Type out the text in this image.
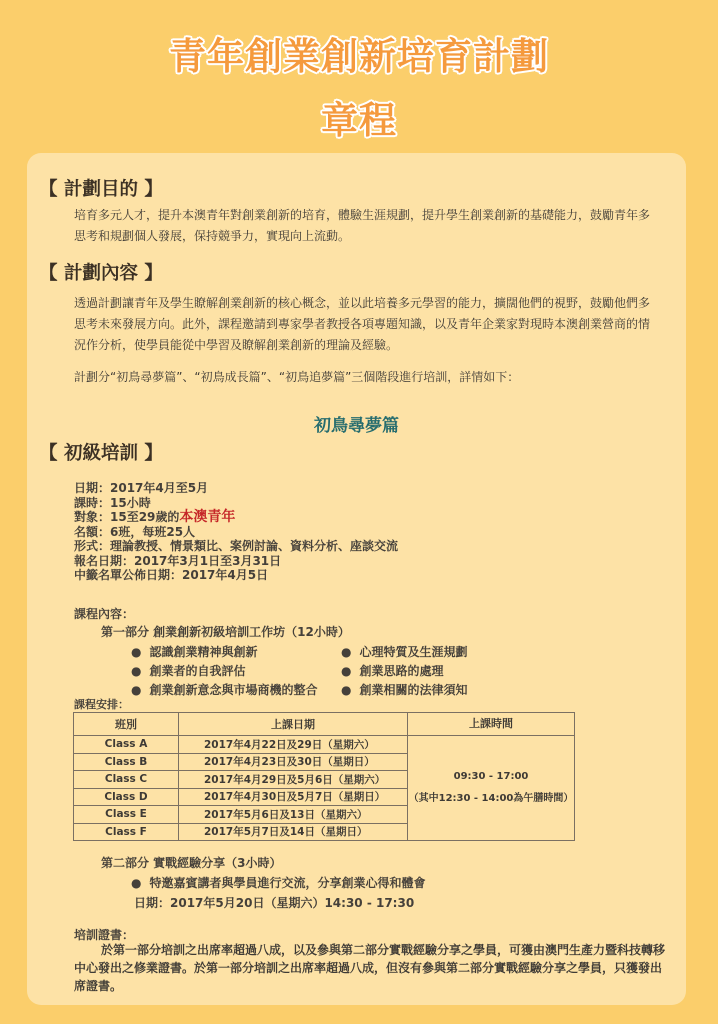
青年創業創新培育計劃
章程
【 計劃目的 】
培育多元人才，提升本澳青年對創業創新的培育，體驗生涯規劃，提升學生創業創新的基礎能力，鼓勵青年多思考和規劃個人發展，保持競爭力，實現向上流動。
【 計劃內容 】
透過計劃讓青年及學生瞭解創業創新的核心概念，並以此培養多元學習的能力，擴闊他們的視野，鼓勵他們多思考未來發展方向。此外，課程邀請到專家學者教授各項專題知識，以及青年企業家對現時本澳創業營商的情況作分析，使學員能從中學習及瞭解創業創新的理論及經驗。
計劃分“初鳥尋夢篇”、“初鳥成長篇”、“初鳥追夢篇”三個階段進行培訓，詳情如下：
初鳥尋夢篇
【 初級培訓 】
日期：2017年4月至5月
課時：15小時
對象：15至29歲的本澳青年
名額：6班，每班25人
形式：理論教授、情景類比、案例討論、資料分析、座談交流
報名日期：2017年3月1日至3月31日
中籤名單公佈日期：2017年4月5日
課程內容：
第一部分 創業創新初級培訓工作坊（12小時）
● 認識創業精神與創新
● 創業者的自我評估
● 創業創新意念與市場商機的整合
● 心理特質及生涯規劃
● 創業思路的處理
● 創業相關的法律須知
課程安排：
第二部分 實戰經驗分享（3小時）
● 特邀嘉賓講者與學員進行交流，分享創業心得和體會
日期：2017年5月20日（星期六）14:30 - 17:30
培訓證書：
於第一部分培訓之出席率超過八成，以及參與第二部分實戰經驗分享之學員，可獲由澳門生產力暨科技轉移中心發出之修業證書。於第一部分培訓之出席率超過八成，但沒有參與第二部分實戰經驗分享之學員，只獲發出席證書。
班別	上課日期	上課時間
Class A	2017年4月22日及29日（星期六）	09:30 - 17:00
（其中12:30 - 14:00為午膳時間）

Class B	2017年4月23日及30日（星期日）	
Class C	2017年4月29日及5月6日（星期六）	
Class D	2017年4月30日及5月7日（星期日）	
Class E	2017年5月6日及13日（星期六）	
Class F	2017年5月7日及14日（星期日）	
